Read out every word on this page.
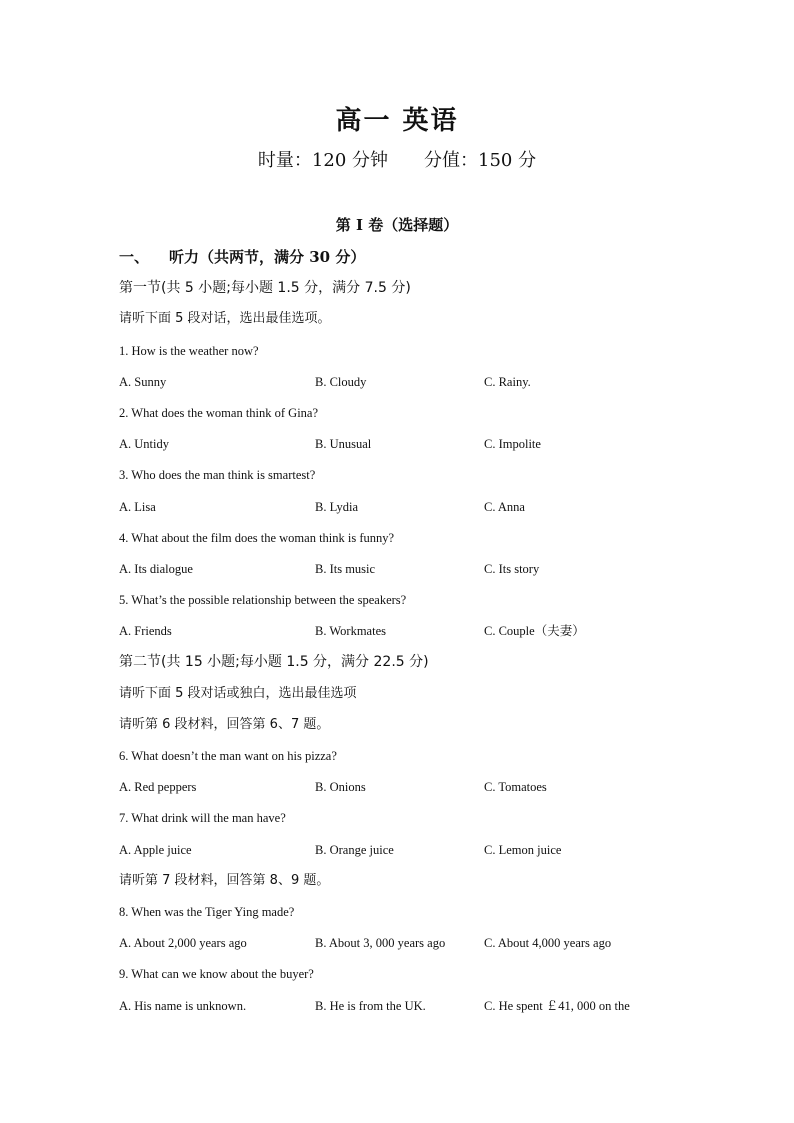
高一 英语
时量：120 分钟 分值：150 分
第 I 卷（选择题）
一、 听力（共两节，满分 30 分）
第一节(共 5 小题;每小题 1.5 分，满分 7.5 分)
请听下面 5 段对话，选出最佳选项。
1. How is the weather now?
A. Sunny	B. Cloudy	C. Rainy.
2. What does the woman think of Gina?
A. Untidy	B. Unusual	C. Impolite
3. Who does the man think is smartest?
A. Lisa	B. Lydia	C. Anna
4. What about the film does the woman think is funny?
A. Its dialogue	B. Its music	C. Its story
5. What’s the possible relationship between the speakers?
A. Friends	B. Workmates	C. Couple（夫妻）
第二节(共 15 小题;每小题 1.5 分，满分 22.5 分)
请听下面 5 段对话或独白，选出最佳选项
请听第 6 段材料，回答第 6、7 题。
6. What doesn’t the man want on his pizza?
A. Red peppers	B. Onions	C. Tomatoes
7. What drink will the man have?
A. Apple juice	B. Orange juice	C. Lemon juice
请听第 7 段材料，回答第 8、9 题。
8. When was the Tiger Ying made?
A. About 2,000 years ago	B. About 3, 000 years ago	C. About 4,000 years ago
9. What can we know about the buyer?
A. His name is unknown.	B. He is from the UK.	C. He spent ￡41, 000 on the
